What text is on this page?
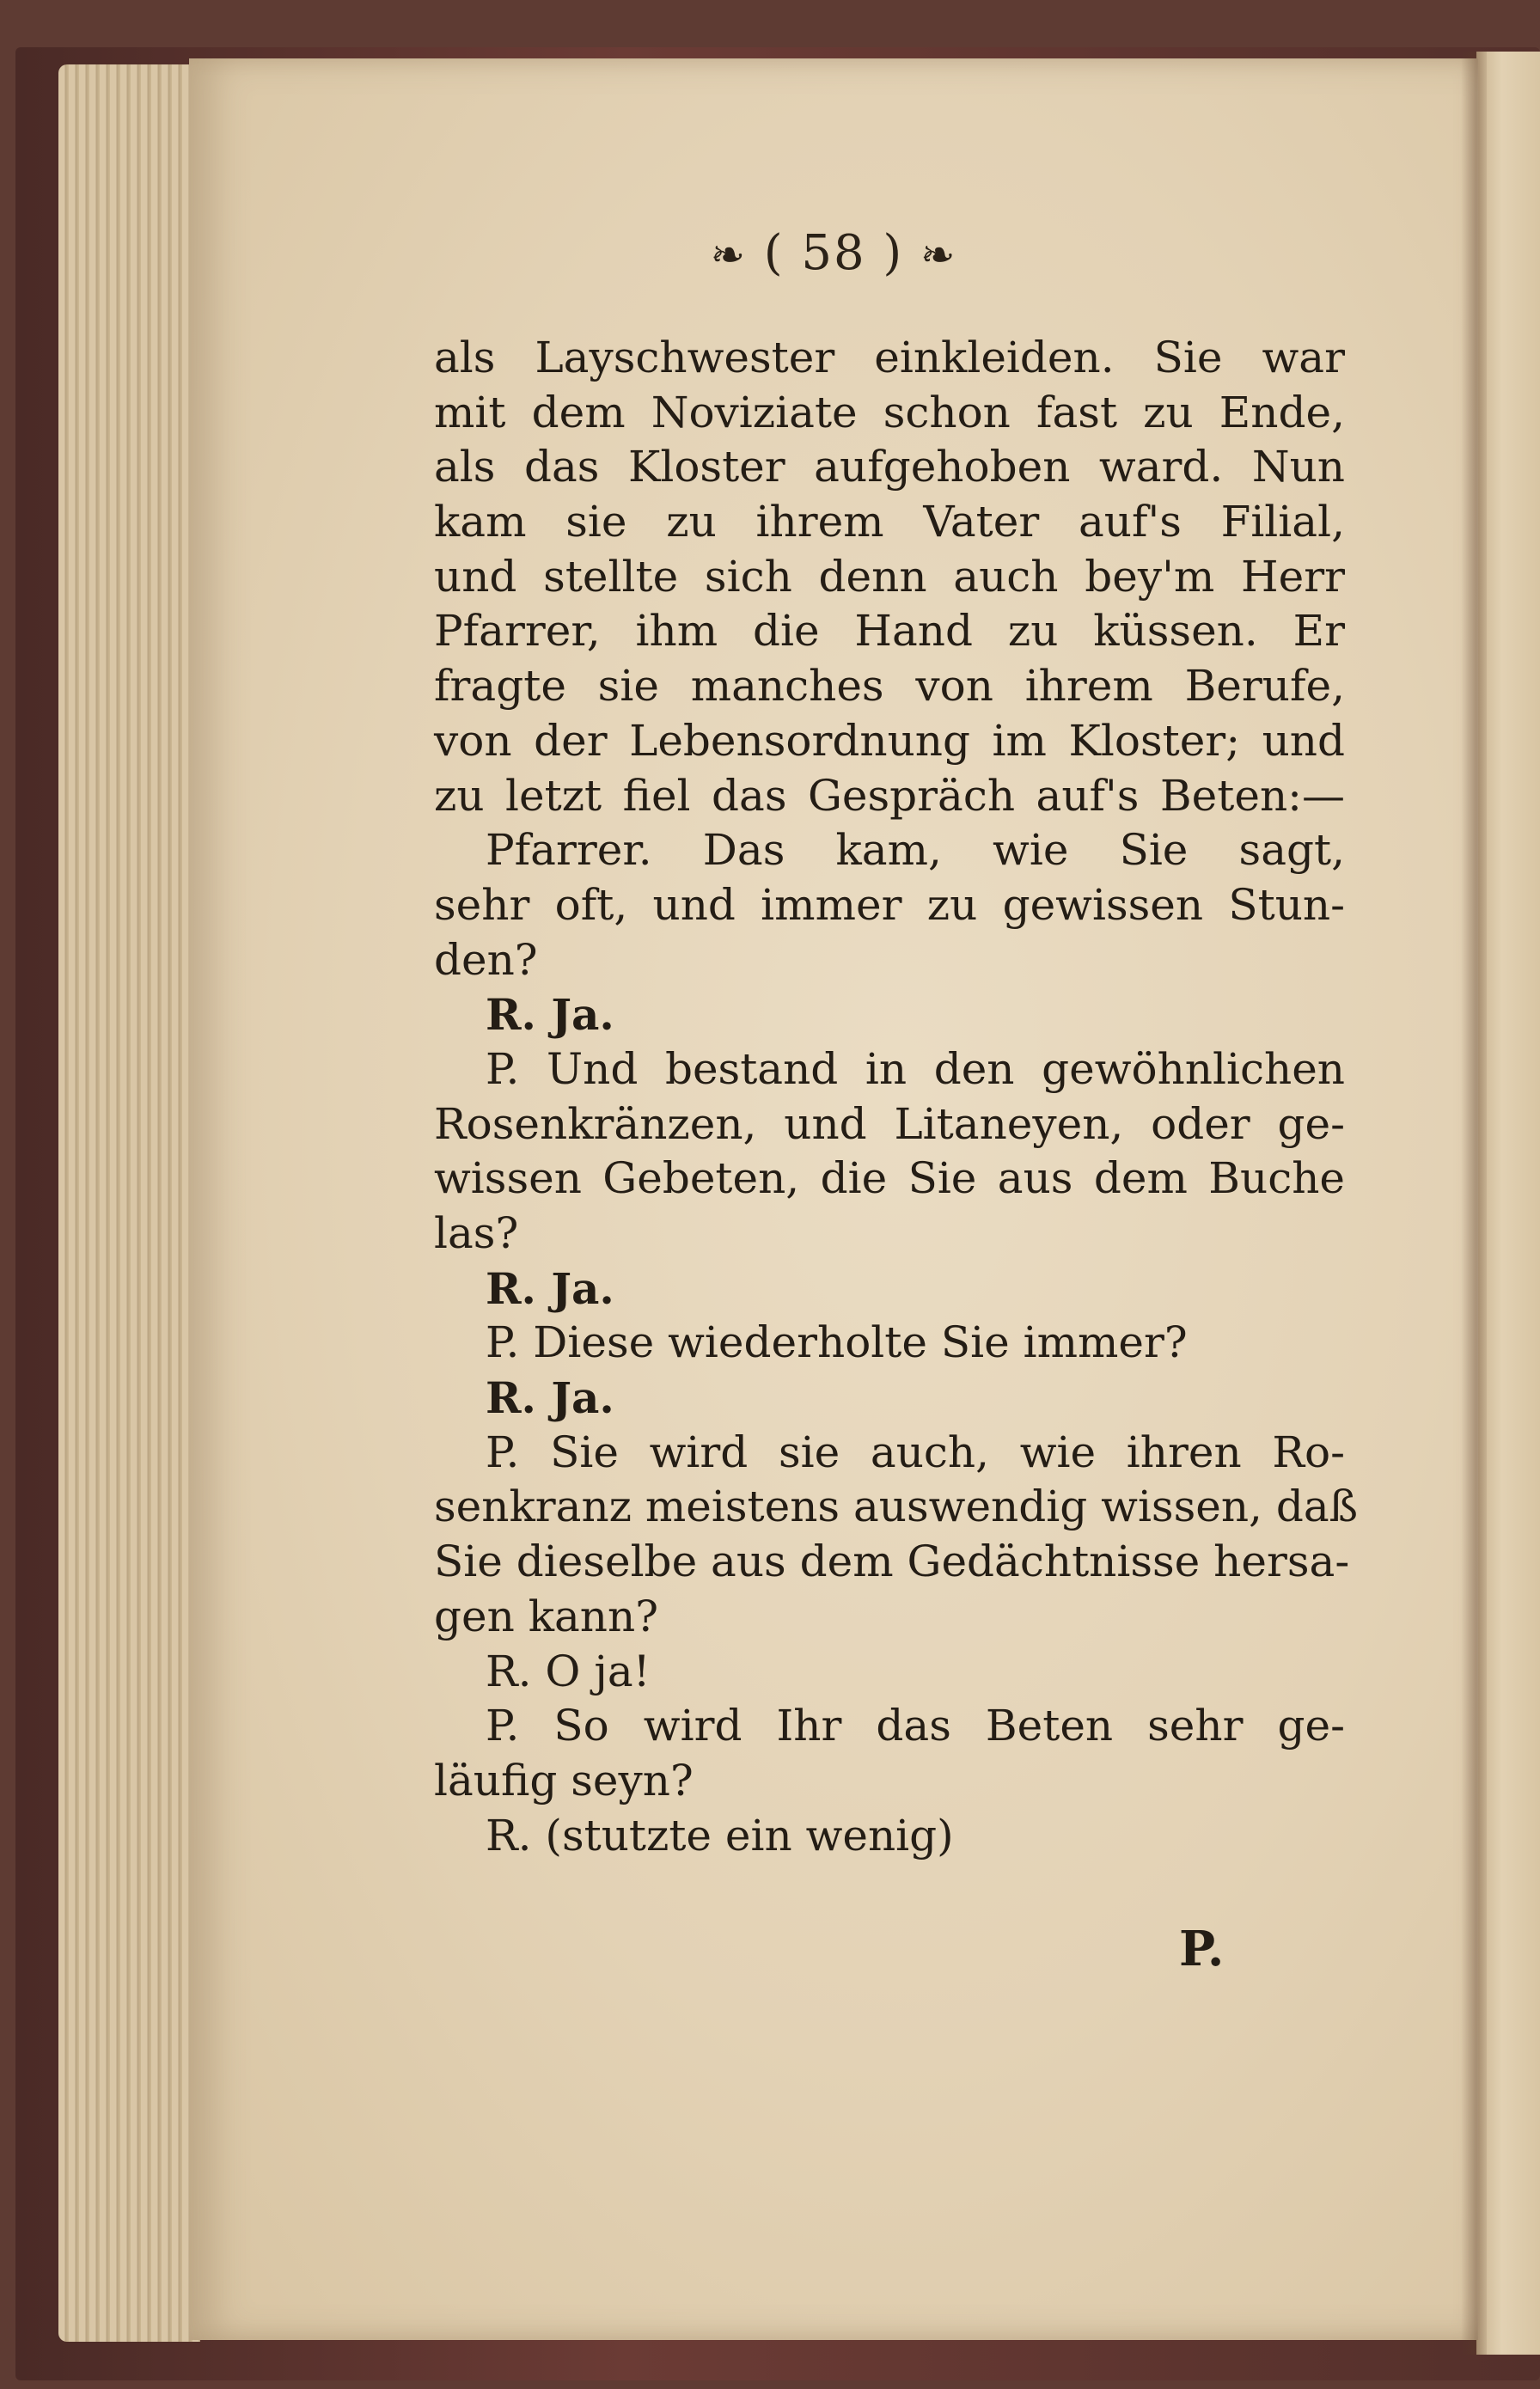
❧ ( 58 ) ❧
als Layschwester einkleiden. Sie war
mit dem Noviziate schon fast zu Ende,
als das Kloster aufgehoben ward. Nun
kam sie zu ihrem Vater auf's Filial,
und stellte sich denn auch bey'm Herr
Pfarrer, ihm die Hand zu küssen. Er
fragte sie manches von ihrem Berufe,
von der Lebensordnung im Kloster; und
zu letzt fiel das Gespräch auf's Beten:—
Pfarrer. Das kam, wie Sie sagt,
sehr oft, und immer zu gewissen Stun-
den?
R. Ja.
P. Und bestand in den gewöhnlichen
Rosenkränzen, und Litaneyen, oder ge-
wissen Gebeten, die Sie aus dem Buche
las?
R. Ja.
P. Diese wiederholte Sie immer?
R. Ja.
P. Sie wird sie auch, wie ihren Ro-
senkranz meistens auswendig wissen, daß
Sie dieselbe aus dem Gedächtnisse hersa-
gen kann?
R. O ja!
P. So wird Ihr das Beten sehr ge-
läufig seyn?
R. (stutzte ein wenig)
P.
